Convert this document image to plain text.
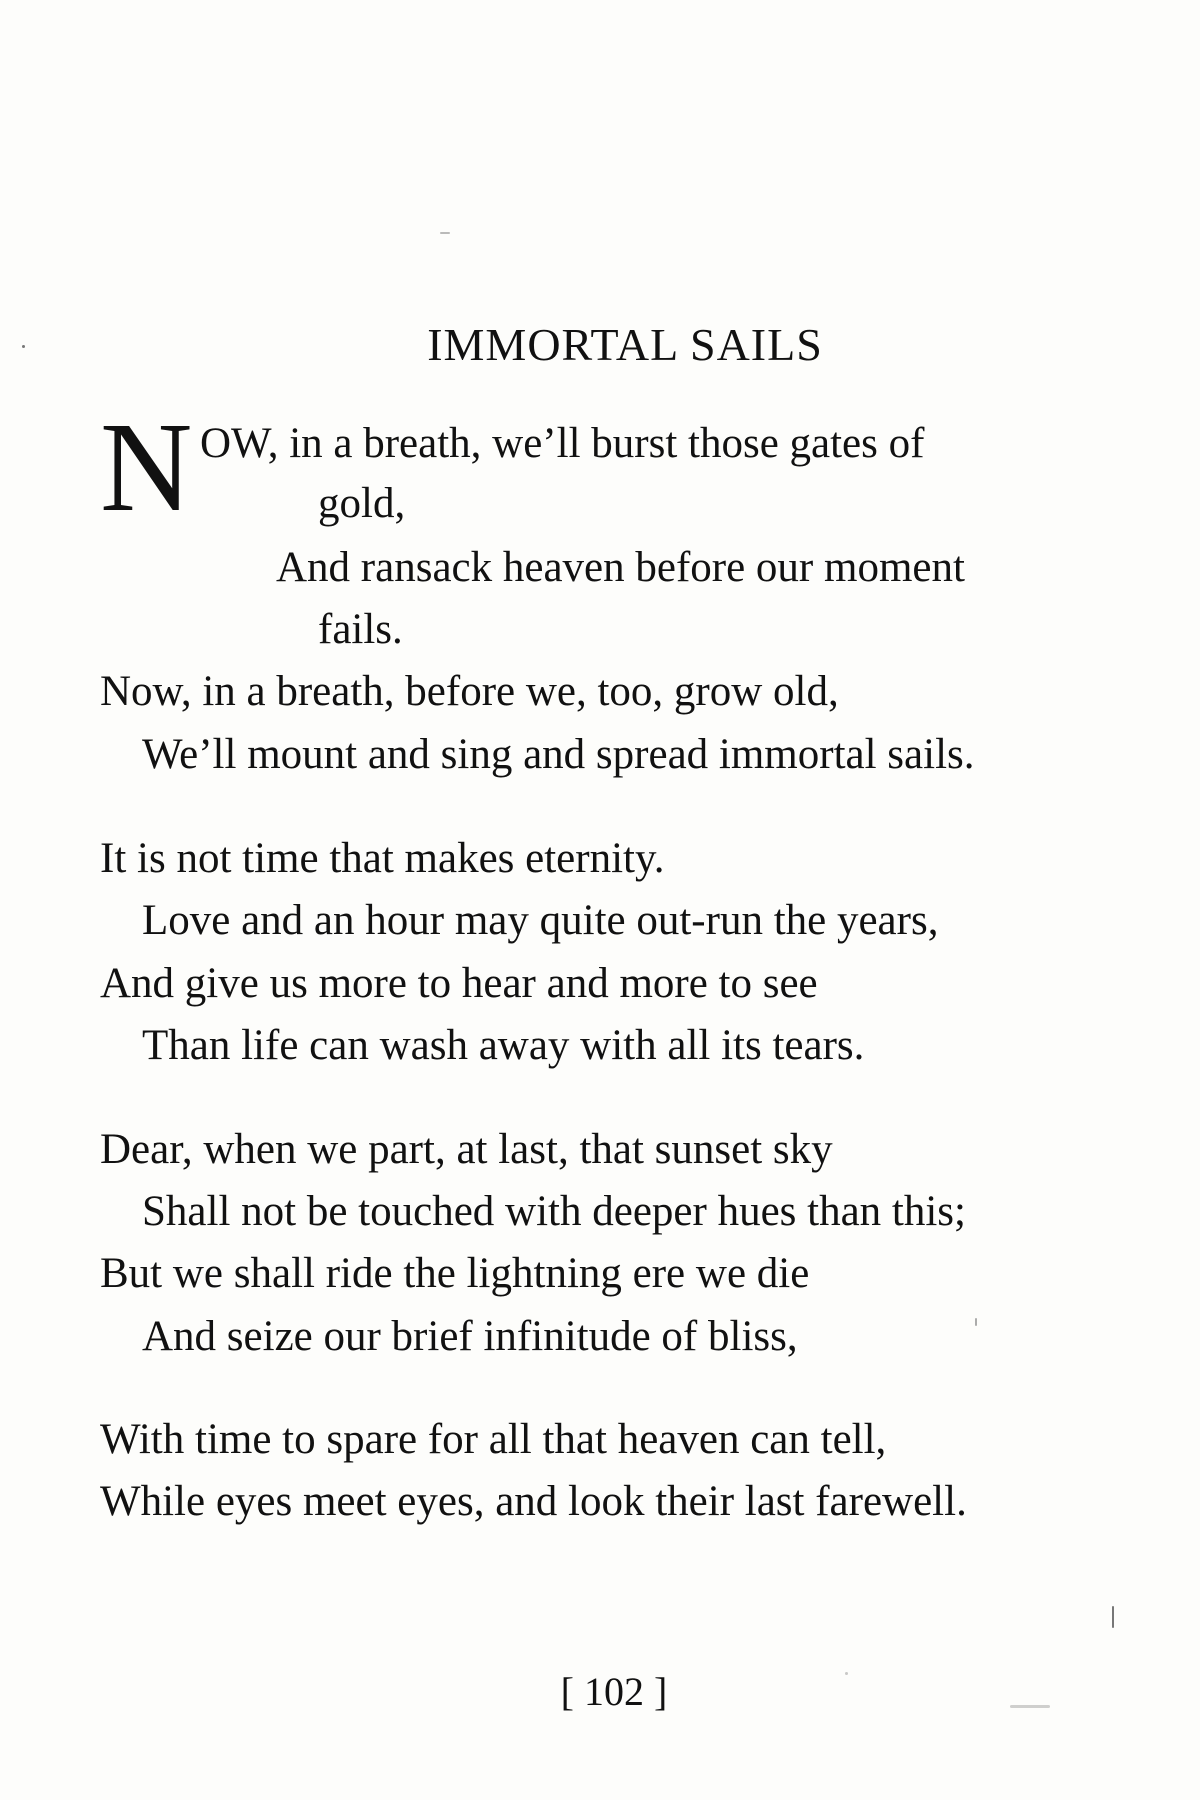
IMMORTAL SAILS
N OW, in a breath, we’ll burst those gates of
gold,
And ransack heaven before our moment
fails.
Now, in a breath, before we, too, grow old,
We’ll mount and sing and spread immortal sails.
It is not time that makes eternity.
Love and an hour may quite out-run the years,
And give us more to hear and more to see
Than life can wash away with all its tears.
Dear, when we part, at last, that sunset sky
Shall not be touched with deeper hues than this;
But we shall ride the lightning ere we die
And seize our brief infinitude of bliss,
With time to spare for all that heaven can tell,
While eyes meet eyes, and look their last farewell.
[ 102 ]
